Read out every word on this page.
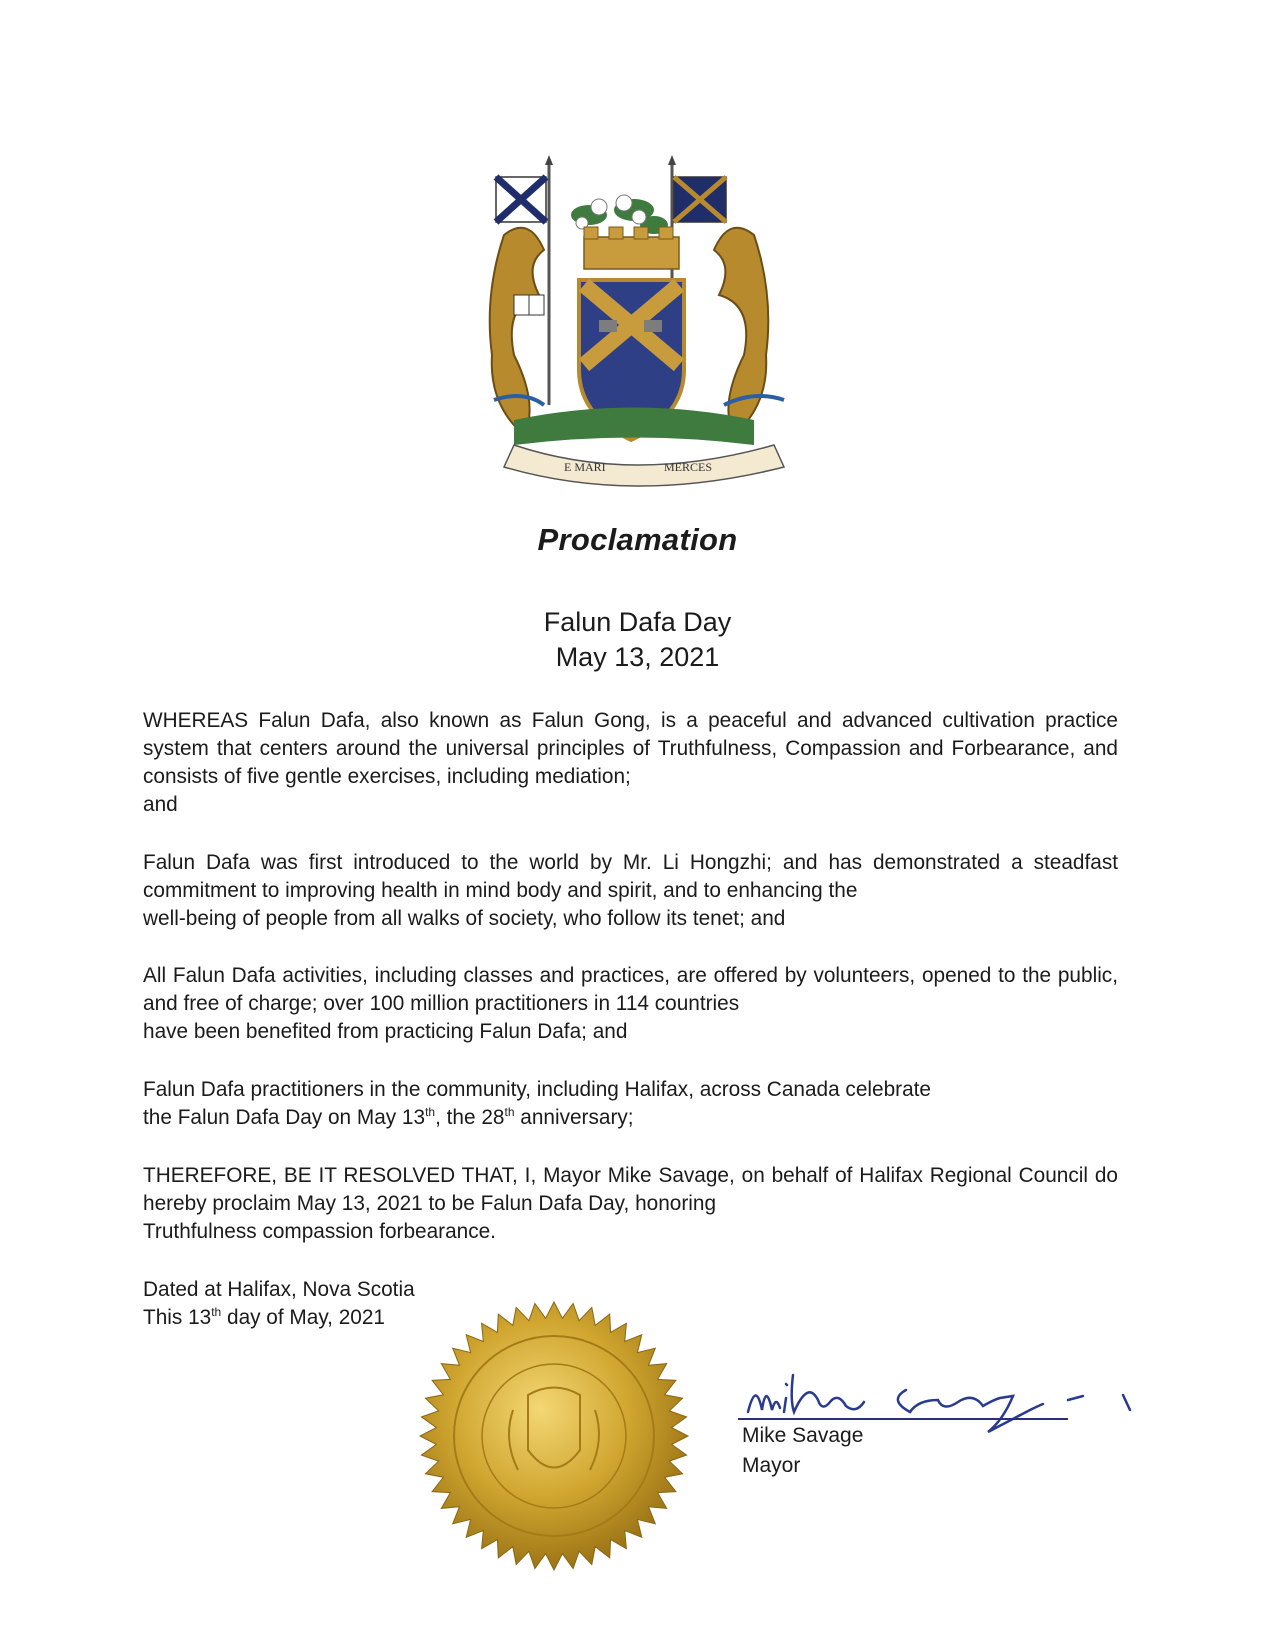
E MARI	MERCES
Proclamation
Falun Dafa Day
May 13, 2021
WHEREAS Falun Dafa, also known as Falun Gong, is a peaceful and advanced cultivation practice system that centers around the universal principles of Truthfulness, Compassion and Forbearance, and consists of five gentle exercises, including mediation;
and
Falun Dafa was first introduced to the world by Mr. Li Hongzhi; and has demonstrated a steadfast commitment to improving health in mind body and spirit, and to enhancing the
well-being of people from all walks of society, who follow its tenet; and
All Falun Dafa activities, including classes and practices, are offered by volunteers, opened to the public, and free of charge; over 100 million practitioners in 114 countries
have been benefited from practicing Falun Dafa; and
Falun Dafa practitioners in the community, including Halifax, across Canada celebrate
the Falun Dafa Day on May 13th, the 28th anniversary;
THEREFORE, BE IT RESOLVED THAT, I, Mayor Mike Savage, on behalf of Halifax Regional Council do hereby proclaim May 13, 2021 to be Falun Dafa Day, honoring
Truthfulness compassion forbearance.
Dated at Halifax, Nova Scotia
This 13th day of May, 2021
Mike Savage
Mayor
